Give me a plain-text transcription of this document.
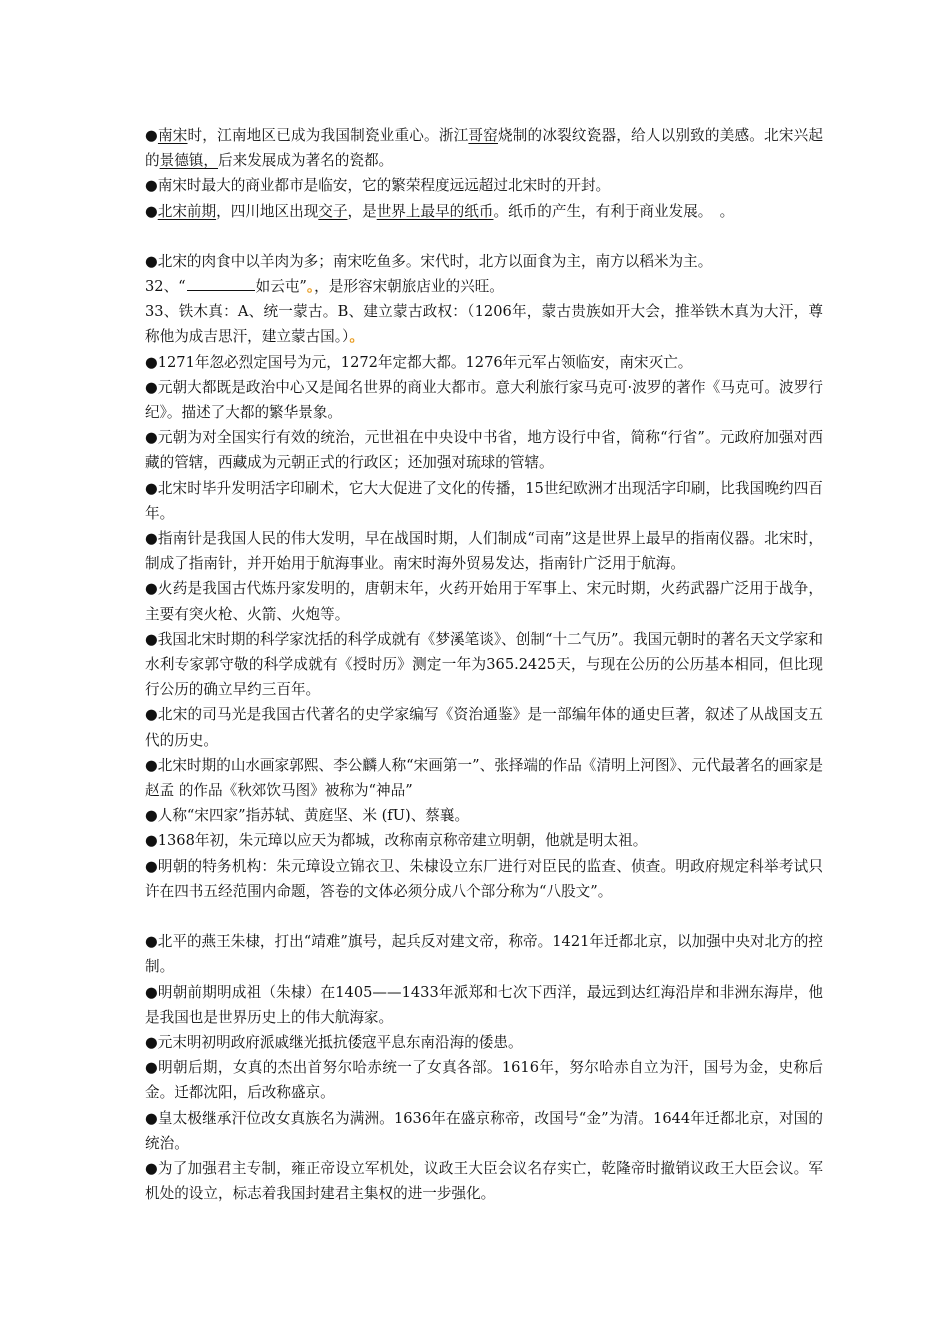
●南宋时，江南地区已成为我国制瓷业重心。浙江哥窑烧制的冰裂纹瓷器，给人以别致的美感。北宋兴起的景德镇，后来发展成为著名的瓷都。

●南宋时最大的商业都市是临安，它的繁荣程度远远超过北宋时的开封。

●北宋前期，四川地区出现交子，是世界上最早的纸币。纸币的产生，有利于商业发展。　。

●北宋的肉食中以羊肉为多；南宋吃鱼多。宋代时，北方以面食为主，南方以稻米为主。

32、“	如云屯”。，是形容宋朝旅店业的兴旺。

33、铁木真：A、统一蒙古。B、建立蒙古政权：（1206年，蒙古贵族如开大会，推举铁木真为大汗，尊称他为成吉思汗，建立蒙古国。）。

●1271年忽必烈定国号为元，1272年定都大都。1276年元军占领临安，南宋灭亡。

●元朝大都既是政治中心又是闻名世界的商业大都市。意大利旅行家马克可·波罗的著作《马克可。波罗行纪》。描述了大都的繁华景象。

●元朝为对全国实行有效的统治，元世祖在中央设中书省，地方设行中省，简称“行省”。元政府加强对西藏的管辖，西藏成为元朝正式的行政区；还加强对琉球的管辖。

●北宋时毕升发明活字印刷术，它大大促进了文化的传播，15世纪欧洲才出现活字印刷，比我国晚约四百年。

●指南针是我国人民的伟大发明，早在战国时期，人们制成“司南”这是世界上最早的指南仪器。北宋时，制成了指南针，并开始用于航海事业。南宋时海外贸易发达，指南针广泛用于航海。

●火药是我国古代炼丹家发明的，唐朝末年，火药开始用于军事上、宋元时期，火药武器广泛用于战争，主要有突火枪、火箭、火炮等。

●我国北宋时期的科学家沈括的科学成就有《梦溪笔谈》、创制“十二气历”。我国元朝时的著名天文学家和水利专家郭守敬的科学成就有《授时历》测定一年为365.2425天，与现在公历的公历基本相同，但比现行公历的确立早约三百年。

●北宋的司马光是我国古代著名的史学家编写《资治通鉴》是一部编年体的通史巨著，叙述了从战国支五代的历史。

●北宋时期的山水画家郭熙、李公麟人称“宋画第一”、张择端的作品《清明上河图》、元代最著名的画家是赵孟 的作品《秋郊饮马图》被称为“神品”

●人称“宋四家”指苏轼、黄庭坚、米 (fU)、蔡襄。

●1368年初，朱元璋以应天为都城，改称南京称帝建立明朝，他就是明太祖。

●明朝的特务机构：朱元璋设立锦衣卫、朱棣设立东厂进行对臣民的监查、侦查。明政府规定科举考试只许在四书五经范围内命题，答卷的文体必须分成八个部分称为“八股文”。

●北平的燕王朱棣，打出“靖难”旗号，起兵反对建文帝，称帝。1421年迁都北京，以加强中央对北方的控制。

●明朝前期明成祖（朱棣）在1405——1433年派郑和七次下西洋，最远到达红海沿岸和非洲东海岸，他是我国也是世界历史上的伟大航海家。

●元末明初明政府派戚继光抵抗倭寇平息东南沿海的倭患。

●明朝后期，女真的杰出首努尔哈赤统一了女真各部。1616年，努尔哈赤自立为汗，国号为金，史称后金。迁都沈阳，后改称盛京。

●皇太极继承汗位改女真族名为满洲。1636年在盛京称帝，改国号“金”为清。1644年迁都北京，对国的统治。

●为了加强君主专制，雍正帝设立军机处，议政王大臣会议名存实亡，乾隆帝时撤销议政王大臣会议。军机处的设立，标志着我国封建君主集权的进一步强化。
